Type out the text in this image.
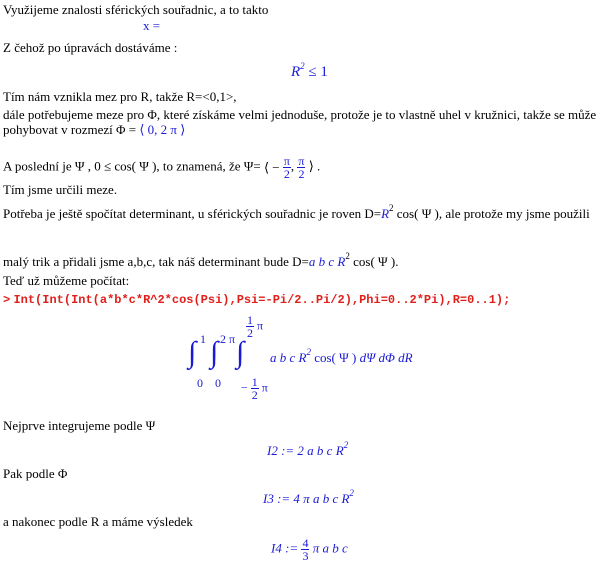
Využijeme znalosti sférických souřadnic, a to takto
x =
Z čehož po úpravách dostáváme :
$R^2 \le 1$
Tím nám vznikla mez pro R, takže R=<0,1>,
dále potřebujeme meze pro Φ, které získáme velmi jednoduše, protože je to vlastně uhel v kružnici, takže se může pohybovat v rozmezí Φ = ⟨ 0, 2 π ⟩
A poslední je Ψ , 0 ≤ cos( Ψ ), to znamená, že Ψ= ⟨ − $\frac{\pi}{2}$ , $\frac{\pi}{2}$ ⟩ .
Tím jsme určili meze.
Potřeba je ještě spočítat determinant, u sférických souřadnic je roven $D=R^2$ cos( Ψ ), ale protože my jsme použili
malý trik a přidali jsme a,b,c, tak náš determinant bude D=a b c $R^2$ cos( Ψ ).
Teď už můžeme počítat:
> Int(Int(Int(a*b*c*R^2*cos(Psi),Psi=-Pi/2..Pi/2),Phi=0..2*Pi),R=0..1);
∫ 1
0
∫ 2 π
0
∫
$\frac{1}{2}$ π
− $\frac{1}{2}$ π
a b c $R^2$ cos( Ψ ) dΨ dΦ dR
Nejprve integrujeme podle Ψ
I2 := 2 a b c $R^2$
Pak podle Φ
I3 := 4 π a b c $R^2$
a nakonec podle R a máme výsledek
I4 := $\frac{4}{3}$ π a b c
